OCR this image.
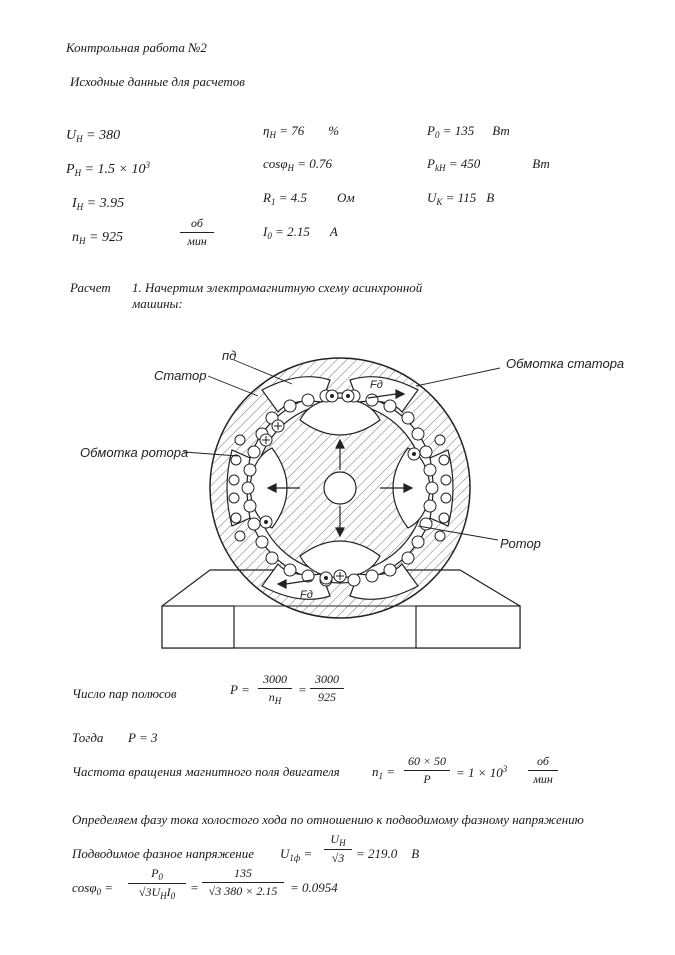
Контрольная работа №2
Исходные данные для расчетов
$U_H = 380$
$P_H = 1.5 \times 10^3$
$I_H = 3.95$
$n_H = 925$
об
мин
$\eta_H = 76$ %
cosφ$_H$ = 0.76
$R_1 = 4.5$ Ом
$I_0 = 2.15$ А
$P_0 = 135$ Вт
$P_{kH} = 450$	Вт
$U_K = 115$ В
Расчет 1. Начертим электромагнитную схему асинхронной
машины:
пд
Статор
Обмотка статора
Обмотка ротора
Ротор
Fд
Fд
Число пар полюсов	$P = \frac{3000}{n_H} = \frac{3000}{925}$
Тогда P = 3
Частота вращения магнитного поля двигателя $n_1 = \frac{60 \times 50}{P} = 1 \times 10^3$
об
мин
Определяем фазу тока холостого хода по отношению к подводимому фазному напряжению
Подводимое фазное напряжение $U_{1ф} = \frac{U_H}{√3} = 219.0$ В
cosφ$_0$ =
$P_0$
$√3U_HI_0$
= $\frac{135}{√3 380 \times 2.15} = 0.0954$
